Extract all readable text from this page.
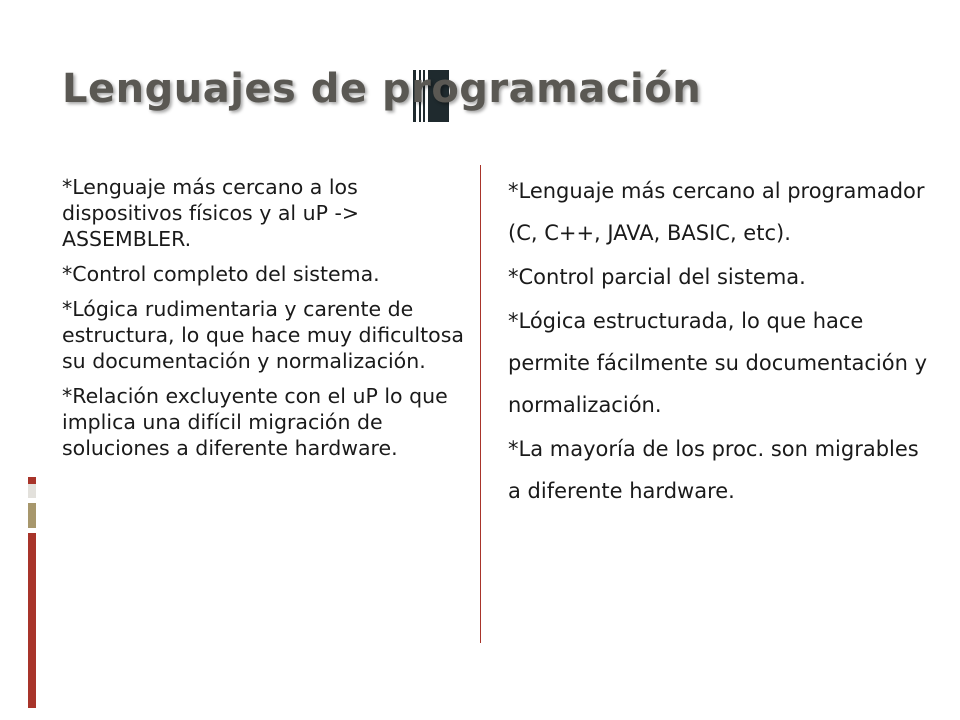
Lenguajes de programación
*Lenguaje más cercano a los dispositivos físicos y al uP -> ASSEMBLER.
*Control completo del sistema.
*Lógica rudimentaria y carente de estructura, lo que hace muy dificultosa su documentación y normalización.
*Relación excluyente con el uP lo que implica una difícil migración de soluciones a diferente hardware.
*Lenguaje más cercano al programador (C, C++, JAVA, BASIC, etc).
*Control parcial del sistema.
*Lógica estructurada, lo que hace permite fácilmente su documentación y normalización.
*La mayoría de los proc. son migrables a diferente hardware.
